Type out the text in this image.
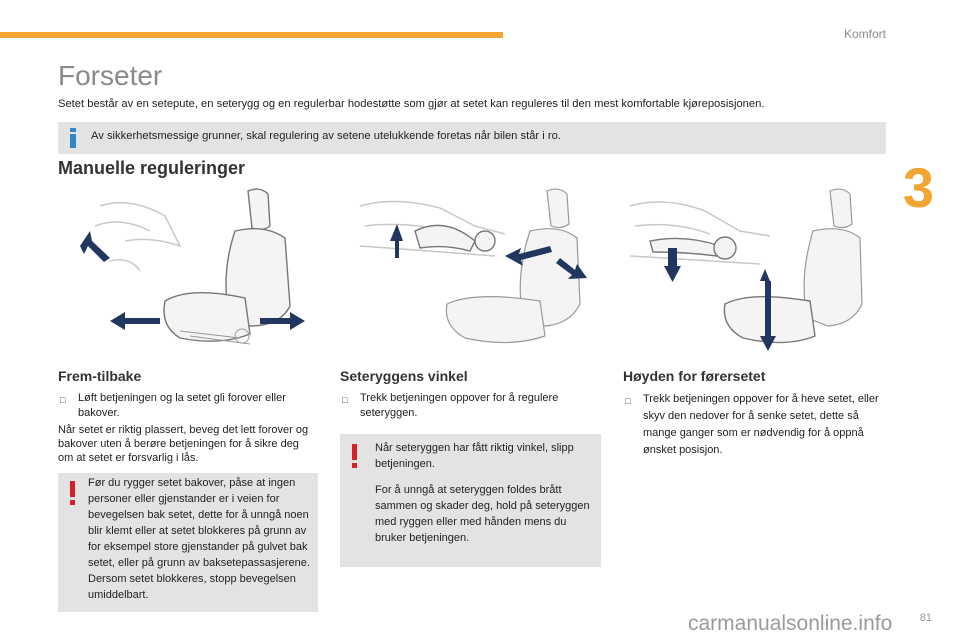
Komfort
3
Forseter

Setet består av en setepute, en seterygg og en regulerbar hodestøtte som gjør at setet kan reguleres til den mest komfortable kjøreposisjonen.

Av sikkerhetsmessige grunner, skal regulering av setene utelukkende foretas når bilen står i ro.
Manuelle reguleringer
Frem-tilbake
□ Løft betjeningen og la setet gli forover eller bakover.

Når setet er riktig plassert, beveg det lett forover og bakover uten å berøre betjeningen for å sikre deg om at setet er forsvarlig i lås.

Før du rygger setet bakover, påse at ingen personer eller gjenstander er i veien for bevegelsen bak setet, dette for å unngå noen blir klemt eller at setet blokkeres på grunn av for eksempel store gjenstander på gulvet bak setet, eller på grunn av baksetepassasjerene. Dersom setet blokkeres, stopp bevegelsen umiddelbart.

Seteryggens vinkel
□ Trekk betjeningen oppover for å regulere seteryggen.

Når seteryggen har fått riktig vinkel, slipp betjeningen.

For å unngå at seteryggen foldes brått sammen og skader deg, hold på seteryggen med ryggen eller med hånden mens du bruker betjeningen.

Høyden for førersetet
□ Trekk betjeningen oppover for å heve setet, eller skyv den nedover for å senke setet, dette så mange ganger som er nødvendig for å oppnå ønsket posisjon.
carmanualsonline.info 81
